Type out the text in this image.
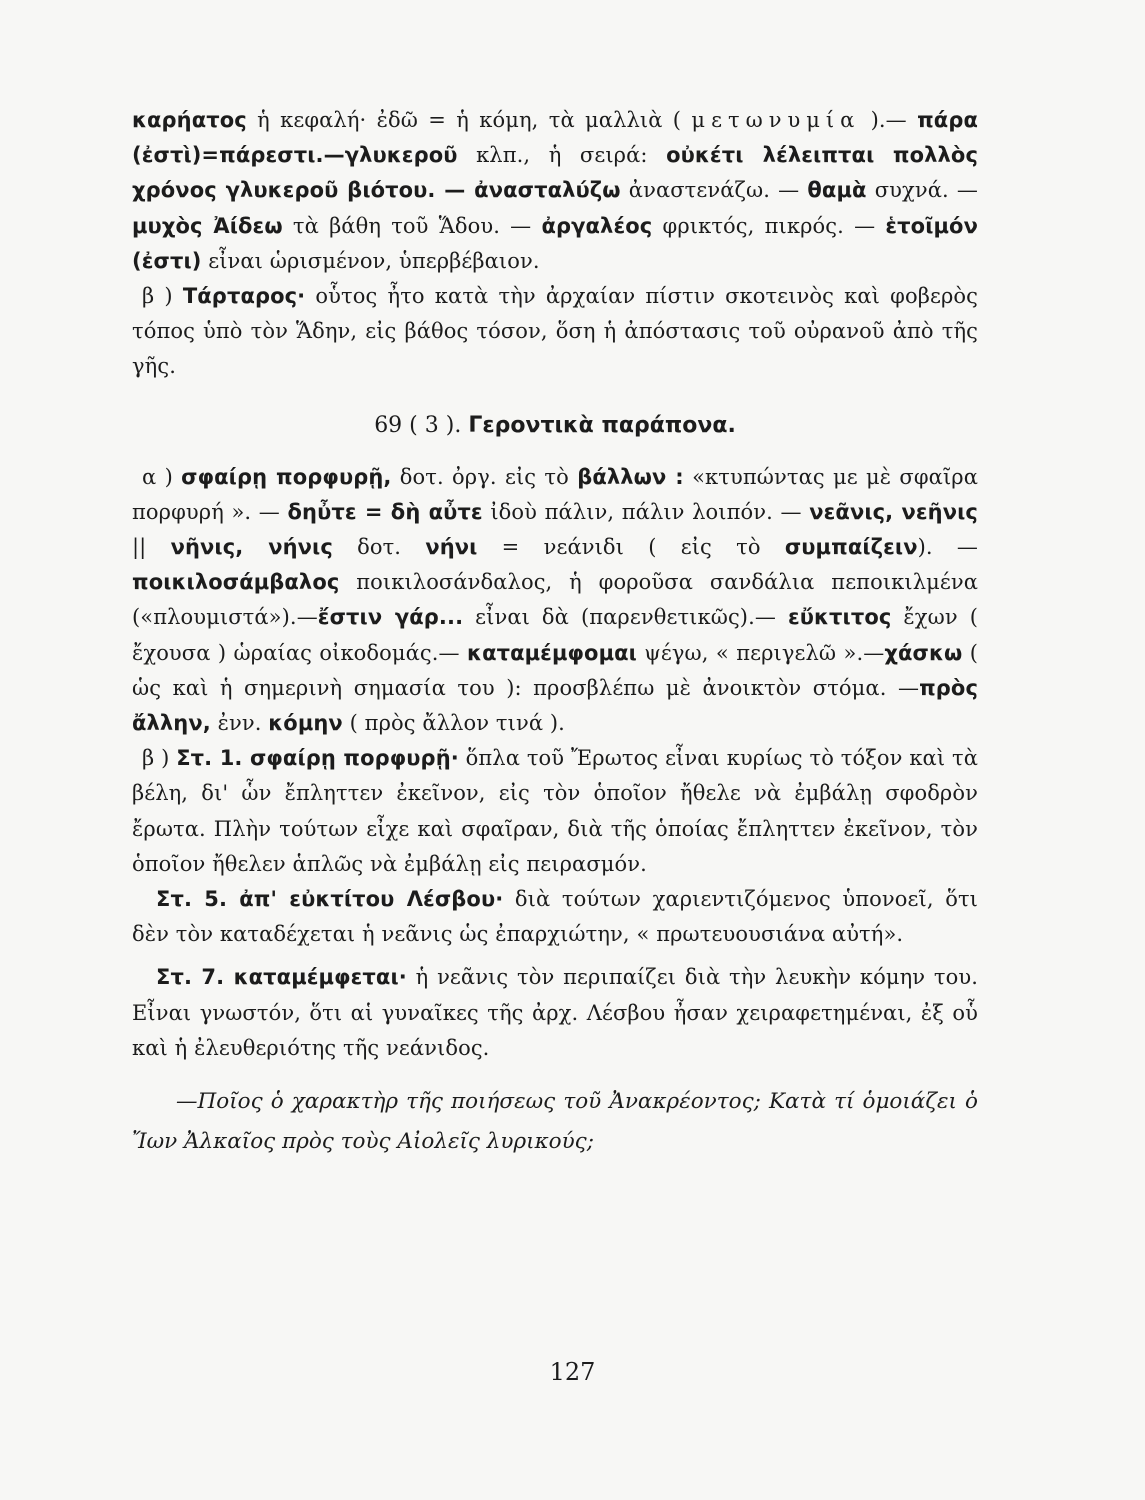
καρήατος ἡ κεφαλή· ἐδῶ = ἡ κόμη, τὰ μαλλιὰ ( μετωνυμία ).— πάρα (ἐστὶ)=πάρεστι.—γλυκεροῦ κλπ., ἡ σειρά: οὐκέτι λέλειπται πολλὸς χρόνος γλυκεροῦ βιότου. — ἀνασταλύζω ἀναστενάζω. — θαμὰ συχνά. — μυχὸς Ἀίδεω τὰ βάθη τοῦ Ἅδου. — ἀργαλέος φρικτός, πικρός. — ἑτοῖμόν (ἐστι) εἶναι ὡρισμένον, ὑπερβέβαιον.

β ) Τάρταρος· οὗτος ἦτο κατὰ τὴν ἀρχαίαν πίστιν σκοτεινὸς καὶ φοβερὸς τόπος ὑπὸ τὸν Ἅδην, εἰς βάθος τόσον, ὅση ἡ ἀπόστασις τοῦ οὐρανοῦ ἀπὸ τῆς γῆς.

69 ( 3 ). Γεροντικὰ παράπονα.

α ) σφαίρῃ πορφυρῇ, δοτ. ὀργ. εἰς τὸ βάλλων : «κτυπώντας με μὲ σφαῖρα πορφυρή ». — δηὖτε = δὴ αὖτε ἰδοὺ πάλιν, πάλιν λοιπόν. — νεᾶνις, νεῆνις || νῆνις, νήνις δοτ. νήνι = νεάνιδι ( εἰς τὸ συμπαίζειν). — ποικιλοσάμβαλος ποικιλοσάνδαλος, ἡ φοροῦσα σανδάλια πεποικιλμένα («πλουμιστά»).—ἔστιν γάρ... εἶναι δὰ (παρενθετικῶς).— εὔκτιτος ἔχων ( ἔχουσα ) ὡραίας οἰκοδομάς.— καταμέμφομαι ψέγω, « περιγελῶ ».—χάσκω ( ὡς καὶ ἡ σημερινὴ σημασία του ): προσβλέπω μὲ ἀνοικτὸν στόμα. —πρὸς ἄλλην, ἐνν. κόμην ( πρὸς ἄλλον τινά ).

β ) Στ. 1. σφαίρῃ πορφυρῇ· ὅπλα τοῦ Ἔρωτος εἶναι κυρίως τὸ τόξον καὶ τὰ βέλη, δι' ὧν ἔπληττεν ἐκεῖνον, εἰς τὸν ὁποῖον ἤθελε νὰ ἐμβάλῃ σφοδρὸν ἔρωτα. Πλὴν τούτων εἶχε καὶ σφαῖραν, διὰ τῆς ὁποίας ἔπληττεν ἐκεῖνον, τὸν ὁποῖον ἤθελεν ἁπλῶς νὰ ἐμβάλῃ εἰς πειρασμόν.

Στ. 5. ἀπ' εὐκτίτου Λέσβου· διὰ τούτων χαριεντιζόμενος ὑπονοεῖ, ὅτι δὲν τὸν καταδέχεται ἡ νεᾶνις ὡς ἐπαρχιώτην, « πρωτευουσιάνα αὐτή».

Στ. 7. καταμέμφεται· ἡ νεᾶνις τὸν περιπαίζει διὰ τὴν λευκὴν κόμην του. Εἶναι γνωστόν, ὅτι αἱ γυναῖκες τῆς ἀρχ. Λέσβου ἦσαν χειραφετημέναι, ἐξ οὗ καὶ ἡ ἐλευθεριότης τῆς νεάνιδος.

—Ποῖος ὁ χαρακτὴρ τῆς ποιήσεως τοῦ Ἀνακρέοντος; Κατὰ τί ὁμοιάζει ὁ Ἴων Ἀλκαῖος πρὸς τοὺς Αἰολεῖς λυρικούς;

127
